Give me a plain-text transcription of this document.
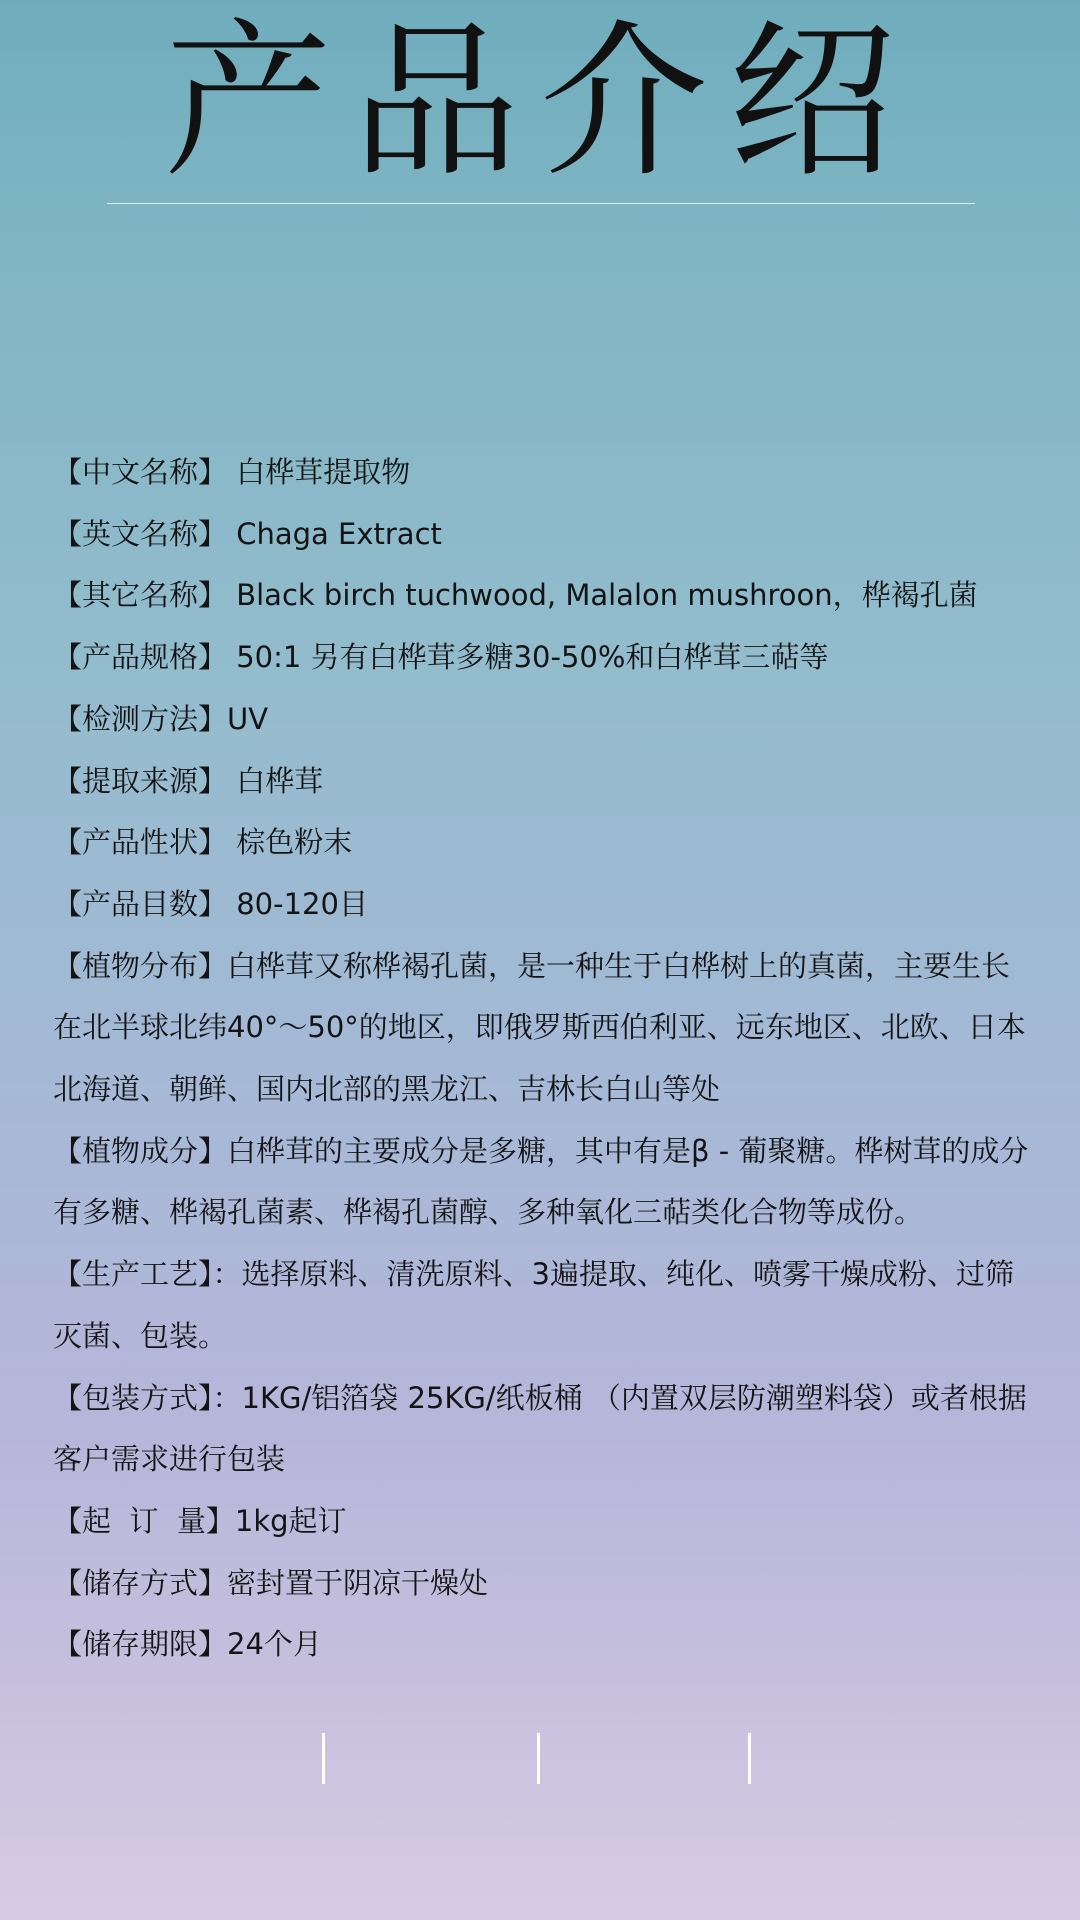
产品介绍
【中文名称】 白桦茸提取物
【英文名称】 Chaga Extract
【其它名称】 Black birch tuchwood, Malalon mushroon，桦褐孔菌
【产品规格】 50:1 另有白桦茸多糖30-50%和白桦茸三萜等
【检测方法】UV
【提取来源】 白桦茸
【产品性状】 棕色粉末
【产品目数】 80-120目
【植物分布】白桦茸又称桦褐孔菌，是一种生于白桦树上的真菌，主要生长在北半球北纬40°～50°的地区，即俄罗斯西伯利亚、远东地区、北欧、日本北海道、朝鲜、国内北部的黑龙江、吉林长白山等处
【植物成分】白桦茸的主要成分是多糖，其中有是β - 葡聚糖。桦树茸的成分有多糖、桦褐孔菌素、桦褐孔菌醇、多种氧化三萜类化合物等成份。
【生产工艺】：选择原料、清洗原料、3遍提取、纯化、喷雾干燥成粉、过筛灭菌、包装。
【包装方式】：1KG/铝箔袋 25KG/纸板桶 （内置双层防潮塑料袋）或者根据客户需求进行包装
【起  订  量】1kg起订
【储存方式】密封置于阴凉干燥处
【储存期限】24个月
